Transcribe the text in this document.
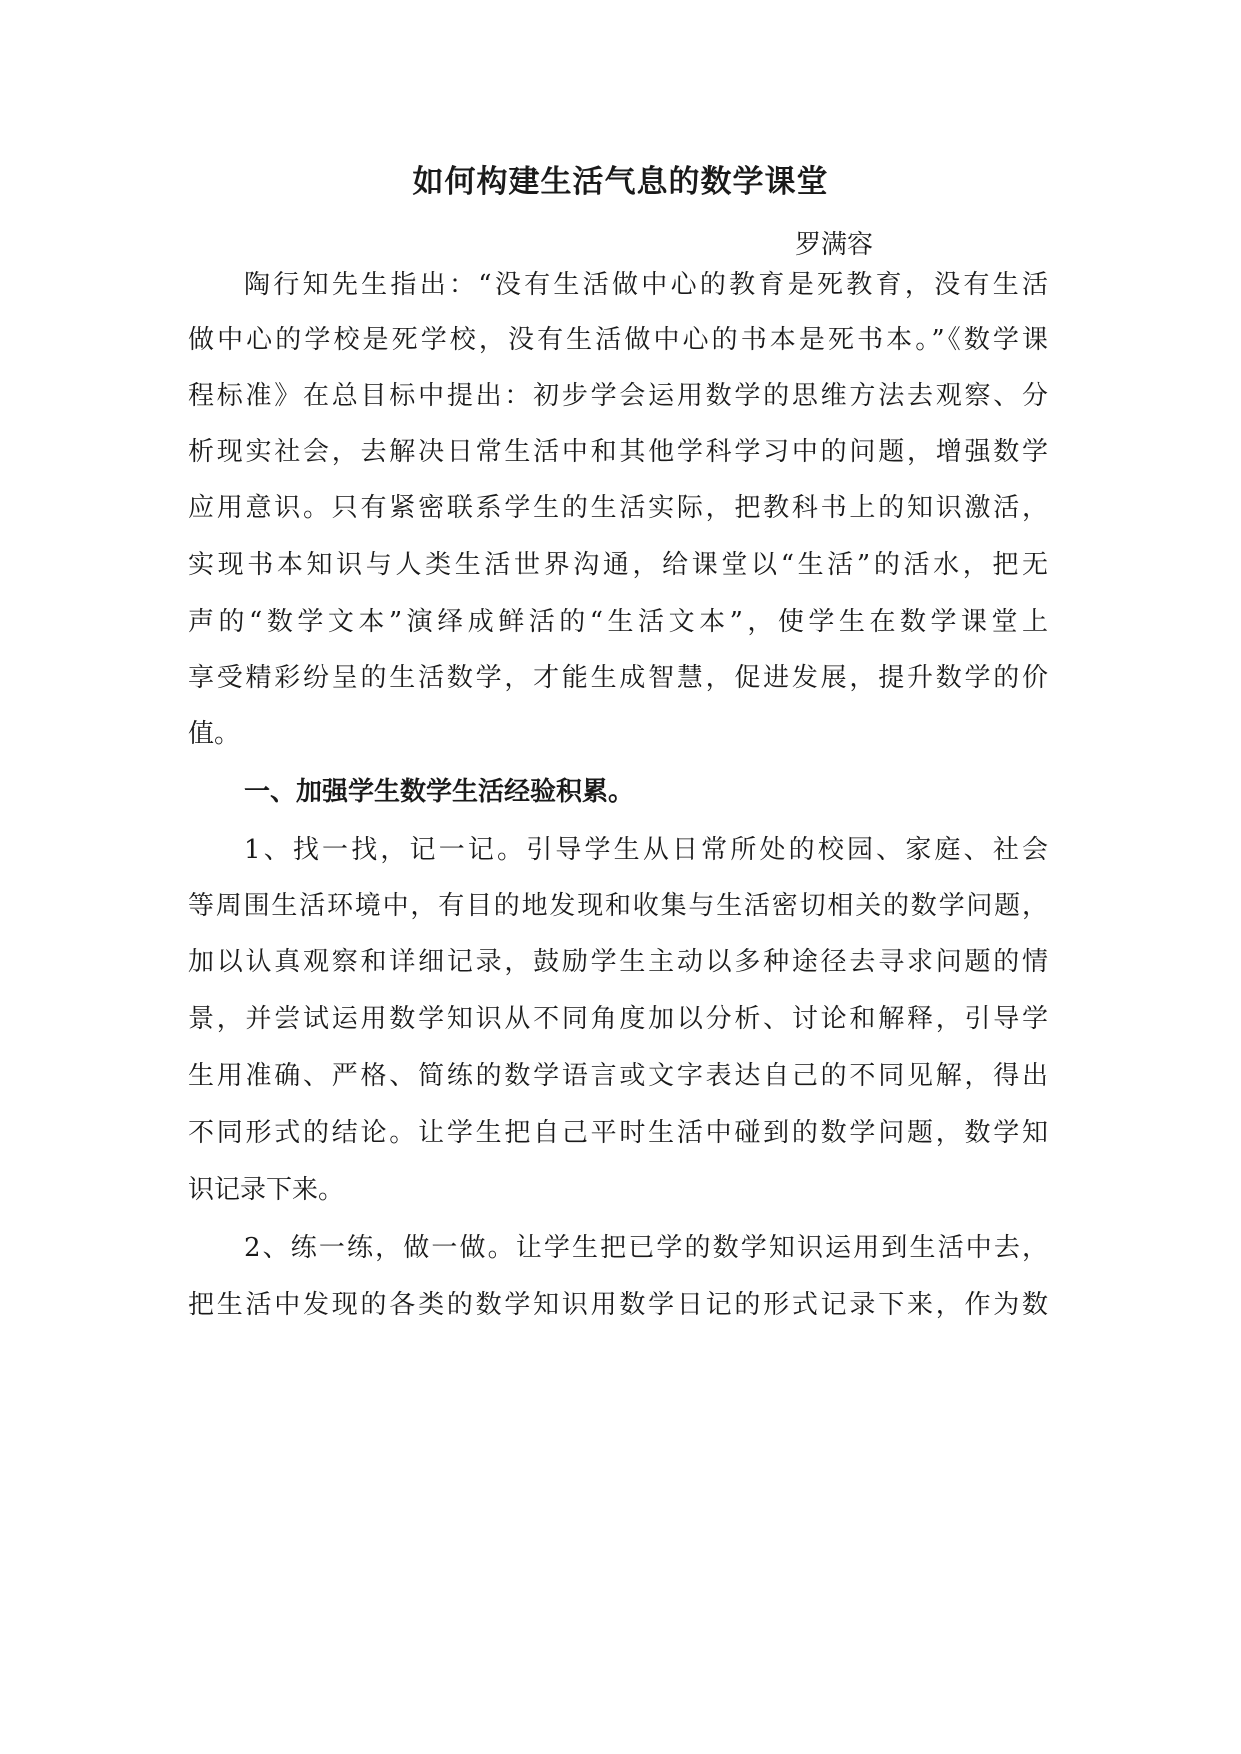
如何构建生活气息的数学课堂
罗满容
陶行知先生指出：“没有生活做中心的教育是死教育，没有生活
做中心的学校是死学校，没有生活做中心的书本是死书本。”《数学课
程标准》在总目标中提出：初步学会运用数学的思维方法去观察、分
析现实社会，去解决日常生活中和其他学科学习中的问题，增强数学
应用意识。只有紧密联系学生的生活实际，把教科书上的知识激活，
实现书本知识与人类生活世界沟通，给课堂以“生活”的活水，把无
声的“数学文本”演绎成鲜活的“生活文本”，使学生在数学课堂上
享受精彩纷呈的生活数学，才能生成智慧，促进发展，提升数学的价
值。
一、加强学生数学生活经验积累。
1、找一找，记一记。引导学生从日常所处的校园、家庭、社会
等周围生活环境中，有目的地发现和收集与生活密切相关的数学问题，
加以认真观察和详细记录，鼓励学生主动以多种途径去寻求问题的情
景，并尝试运用数学知识从不同角度加以分析、讨论和解释，引导学
生用准确、严格、简练的数学语言或文字表达自己的不同见解，得出
不同形式的结论。让学生把自己平时生活中碰到的数学问题，数学知
识记录下来。
2、练一练，做一做。让学生把已学的数学知识运用到生活中去，
把生活中发现的各类的数学知识用数学日记的形式记录下来，作为数
